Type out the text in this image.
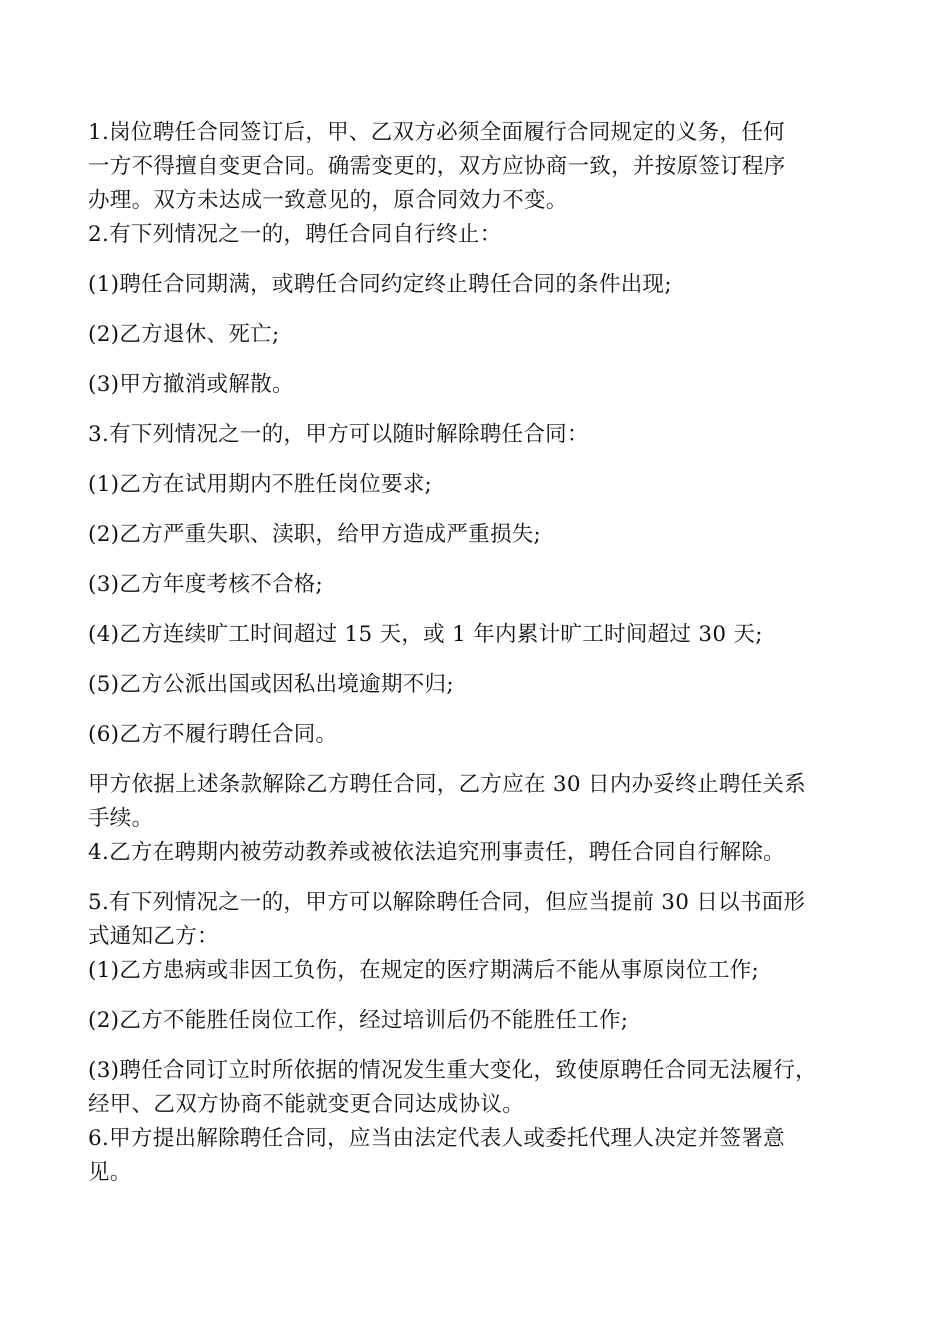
1.岗位聘任合同签订后，甲、乙双方必须全面履行合同规定的义务，任何
一方不得擅自变更合同。确需变更的，双方应协商一致，并按原签订程序
办理。双方未达成一致意见的，原合同效力不变。

2.有下列情况之一的，聘任合同自行终止：

(1)聘任合同期满，或聘任合同约定终止聘任合同的条件出现;

(2)乙方退休、死亡;

(3)甲方撤消或解散。

3.有下列情况之一的，甲方可以随时解除聘任合同：

(1)乙方在试用期内不胜任岗位要求;

(2)乙方严重失职、渎职，给甲方造成严重损失;

(3)乙方年度考核不合格;

(4)乙方连续旷工时间超过 15 天，或 1 年内累计旷工时间超过 30 天;

(5)乙方公派出国或因私出境逾期不归;

(6)乙方不履行聘任合同。

甲方依据上述条款解除乙方聘任合同，乙方应在 30 日内办妥终止聘任关系
手续。

4.乙方在聘期内被劳动教养或被依法追究刑事责任，聘任合同自行解除。

5.有下列情况之一的，甲方可以解除聘任合同，但应当提前 30 日以书面形
式通知乙方：

(1)乙方患病或非因工负伤，在规定的医疗期满后不能从事原岗位工作;

(2)乙方不能胜任岗位工作，经过培训后仍不能胜任工作;

(3)聘任合同订立时所依据的情况发生重大变化，致使原聘任合同无法履行，
经甲、乙双方协商不能就变更合同达成协议。

6.甲方提出解除聘任合同，应当由法定代表人或委托代理人决定并签署意
见。
